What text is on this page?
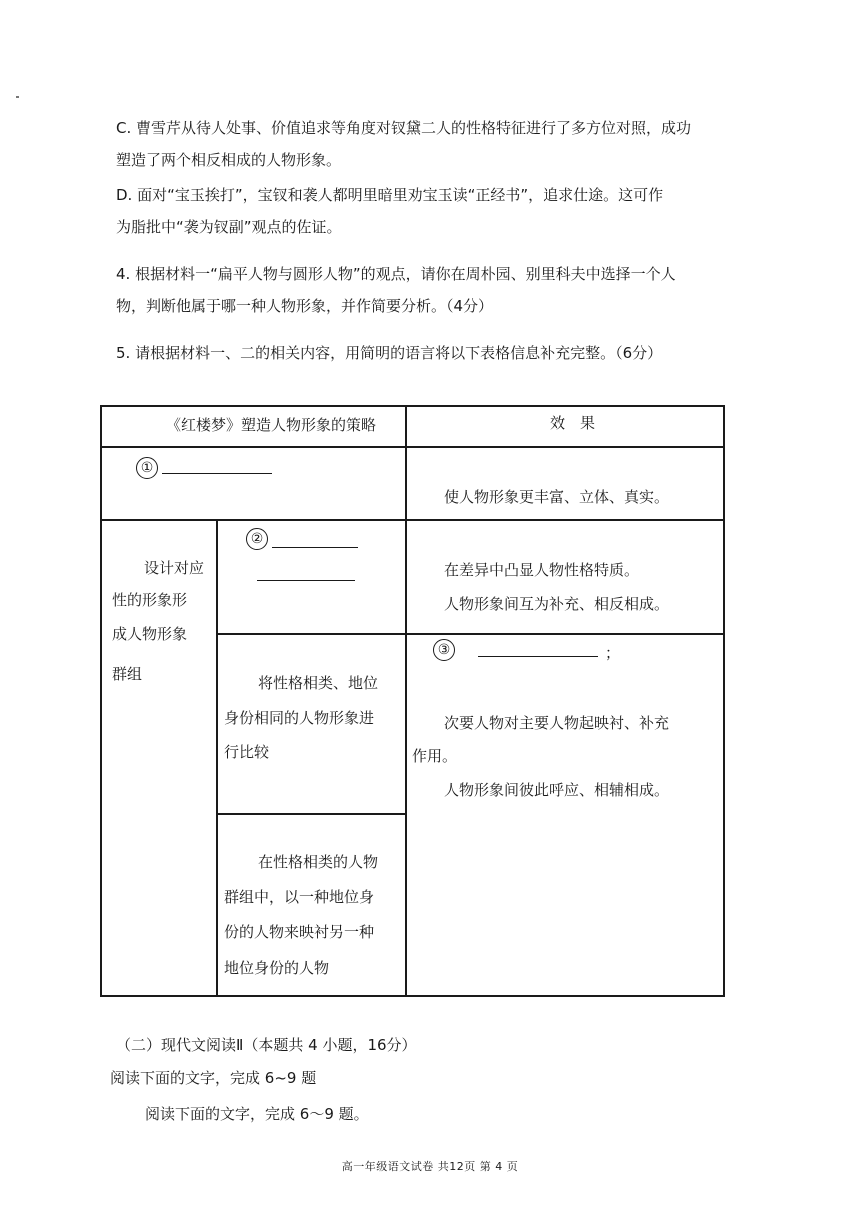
C. 曹雪芹从待人处事、价值追求等角度对钗黛二人的性格特征进行了多方位对照，成功
塑造了两个相反相成的人物形象。
D. 面对“宝玉挨打”，宝钗和袭人都明里暗里劝宝玉读“正经书”，追求仕途。这可作
为脂批中“袭为钗副”观点的佐证。
4. 根据材料一“扁平人物与圆形人物”的观点，请你在周朴园、别里科夫中选择一个人
物，判断他属于哪一种人物形象，并作简要分析。（4分）
5. 请根据材料一、二的相关内容，用简明的语言将以下表格信息补充完整。（6分）
《红楼梦》塑造人物形象的策略	效　果
①
使人物形象更丰富、立体、真实。
设计对应
性的形象形
成人物形象
群组
②
在差异中凸显人物性格特质。
人物形象间互为补充、相反相成。
将性格相类、地位
身份相同的人物形象进
行比较
③	；
次要人物对主要人物起映衬、补充
作用。
人物形象间彼此呼应、相辅相成。
在性格相类的人物
群组中，以一种地位身
份的人物来映衬另一种
地位身份的人物
（二）现代文阅读Ⅱ（本题共 4 小题，16分）
阅读下面的文字，完成 6~9 题
阅读下面的文字，完成 6～9 题。
高一年级语文试卷 共12页 第 4 页
